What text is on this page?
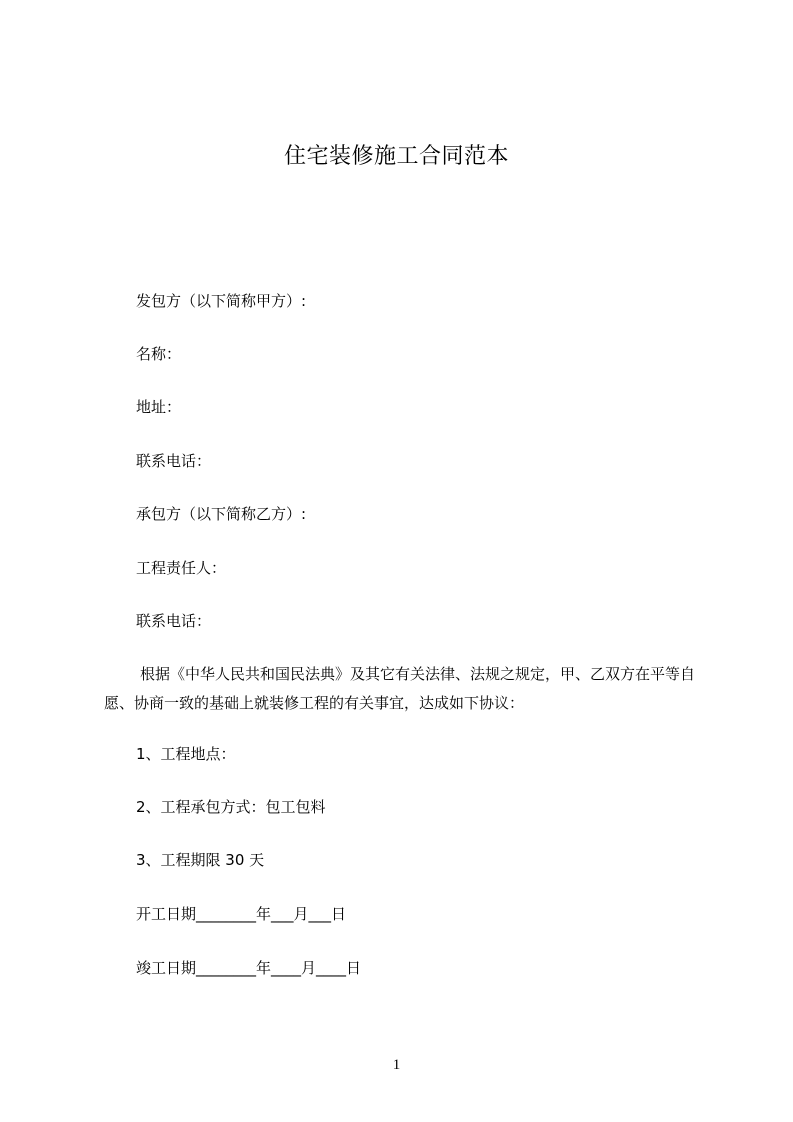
住宅装修施工合同范本
发包方（以下简称甲方）:
名称：
地址：
联系电话：
承包方（以下简称乙方）:
工程责任人：
联系电话：
根据《中华人民共和国民法典》及其它有关法律、法规之规定，甲、乙双方在平等自愿、协商一致的基础上就装修工程的有关事宜，达成如下协议：
1、工程地点：
2、工程承包方式：包工包料
3、工程期限 30 天
开工日期________年___月___日
竣工日期________年____月____日
1
